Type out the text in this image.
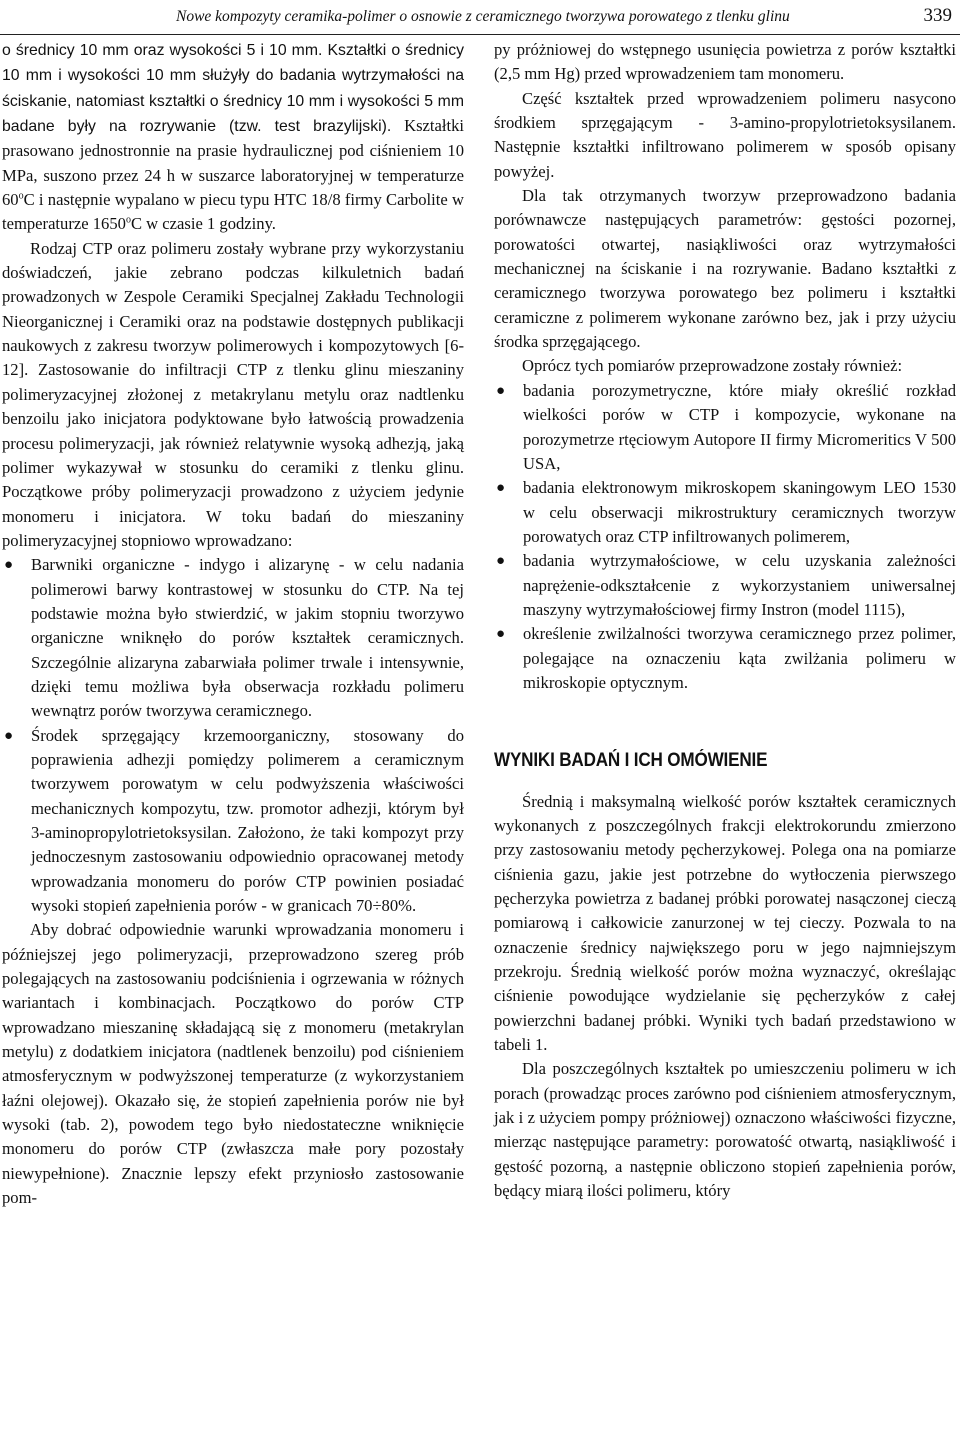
Nowe kompozyty ceramika-polimer o osnowie z ceramicznego tworzywa porowatego z tlenku glinu	339

o średnicy 10 mm oraz wysokości 5 i 10 mm. Kształtki o średnicy 10 mm i wysokości 10 mm służyły do badania wytrzymałości na ściskanie, natomiast kształtki o średnicy 10 mm i wysokości 5 mm badane były na rozrywanie (tzw. test brazylijski). Kształtki prasowano jednostronnie na prasie hydraulicznej pod ciśnieniem 10 MPa, suszono przez 24 h w suszarce laboratoryjnej w temperaturze 60$^o$C i następnie wypalano w piecu typu HTC 18/8 firmy Carbolite w temperaturze 1650$^o$C w czasie 1 godziny.

Rodzaj CTP oraz polimeru zostały wybrane przy wykorzystaniu doświadczeń, jakie zebrano podczas kilkuletnich badań prowadzonych w Zespole Ceramiki Specjalnej Zakładu Technologii Nieorganicznej i Ceramiki oraz na podstawie dostępnych publikacji naukowych z zakresu tworzyw polimerowych i kompozytowych [6-12]. Zastosowanie do infiltracji CTP z tlenku glinu mieszaniny polimeryzacyjnej złożonej z metakrylanu metylu oraz nadtlenku benzoilu jako inicjatora podyktowane było łatwością prowadzenia procesu polimeryzacji, jak również relatywnie wysoką adhezją, jaką polimer wykazywał w stosunku do ceramiki z tlenku glinu. Początkowe próby polimeryzacji prowadzono z użyciem jedynie monomeru i inicjatora. W toku badań do mieszaniny polimeryzacyjnej stopniowo wprowadzano:

● Barwniki organiczne - indygo i alizarynę - w celu nadania polimerowi barwy kontrastowej w stosunku do CTP. Na tej podstawie można było stwierdzić, w jakim stopniu tworzywo organiczne wniknęło do porów kształtek ceramicznych. Szczególnie alizaryna zabarwiała polimer trwale i intensywnie, dzięki temu możliwa była obserwacja rozkładu polimeru wewnątrz porów tworzywa ceramicznego.
● Środek sprzęgający krzemoorganiczny, stosowany do poprawienia adhezji pomiędzy polimerem a ceramicznym tworzywem porowatym w celu podwyższenia właściwości mechanicznych kompozytu, tzw. promotor adhezji, którym był 3-aminopropylotrietoksysilan. Założono, że taki kompozyt przy jednoczesnym zastosowaniu odpowiednio opracowanej metody wprowadzania monomeru do porów CTP powinien posiadać wysoki stopień zapełnienia porów - w granicach 70÷80%.

Aby dobrać odpowiednie warunki wprowadzania monomeru i późniejszej jego polimeryzacji, przeprowadzono szereg prób polegających na zastosowaniu podciśnienia i ogrzewania w różnych wariantach i kombinacjach. Początkowo do porów CTP wprowadzano mieszaninę składającą się z monomeru (metakrylan metylu) z dodatkiem inicjatora (nadtlenek benzoilu) pod ciśnieniem atmosferycznym w podwyższonej temperaturze (z wykorzystaniem łaźni olejowej). Okazało się, że stopień zapełnienia porów nie był wysoki (tab. 2), powodem tego było niedostateczne wniknięcie monomeru do porów CTP (zwłaszcza małe pory pozostały niewypełnione). Znacznie lepszy efekt przyniosło zastosowanie pom-

py próżniowej do wstępnego usunięcia powietrza z porów kształtki (2,5 mm Hg) przed wprowadzeniem tam monomeru.

Część kształtek przed wprowadzeniem polimeru nasycono środkiem sprzęgającym - 3-amino-propylotrietoksysilanem. Następnie kształtki infiltrowano polimerem w sposób opisany powyżej.

Dla tak otrzymanych tworzyw przeprowadzono badania porównawcze następujących parametrów: gęstości pozornej, porowatości otwartej, nasiąkliwości oraz wytrzymałości mechanicznej na ściskanie i na rozrywanie. Badano kształtki z ceramicznego tworzywa porowatego bez polimeru i kształtki ceramiczne z polimerem wykonane zarówno bez, jak i przy użyciu środka sprzęgającego.

Oprócz tych pomiarów przeprowadzone zostały również:

● badania porozymetryczne, które miały określić rozkład wielkości porów w CTP i kompozycie, wykonane na porozymetrze rtęciowym Autopore II firmy Micromeritics V 500 USA,
● badania elektronowym mikroskopem skaningowym LEO 1530 w celu obserwacji mikrostruktury ceramicznych tworzyw porowatych oraz CTP infiltrowanych polimerem,
● badania wytrzymałościowe, w celu uzyskania zależności naprężenie-odkształcenie z wykorzystaniem uniwersalnej maszyny wytrzymałościowej firmy Instron (model 1115),
● określenie zwilżalności tworzywa ceramicznego przez polimer, polegające na oznaczeniu kąta zwilżania polimeru w mikroskopie optycznym.
WYNIKI BADAŃ I ICH OMÓWIENIE

Średnią i maksymalną wielkość porów kształtek ceramicznych wykonanych z poszczególnych frakcji elektrokorundu zmierzono przy zastosowaniu metody pęcherzykowej. Polega ona na pomiarze ciśnienia gazu, jakie jest potrzebne do wytłoczenia pierwszego pęcherzyka powietrza z badanej próbki porowatej nasączonej cieczą pomiarową i całkowicie zanurzonej w tej cieczy. Pozwala to na oznaczenie średnicy największego poru w jego najmniejszym przekroju. Średnią wielkość porów można wyznaczyć, określając ciśnienie powodujące wydzielanie się pęcherzyków z całej powierzchni badanej próbki. Wyniki tych badań przedstawiono w tabeli 1.

Dla poszczególnych kształtek po umieszczeniu polimeru w ich porach (prowadząc proces zarówno pod ciśnieniem atmosferycznym, jak i z użyciem pompy próżniowej) oznaczono właściwości fizyczne, mierząc następujące parametry: porowatość otwartą, nasiąkliwość i gęstość pozorną, a następnie obliczono stopień zapełnienia porów, będący miarą ilości polimeru, który
